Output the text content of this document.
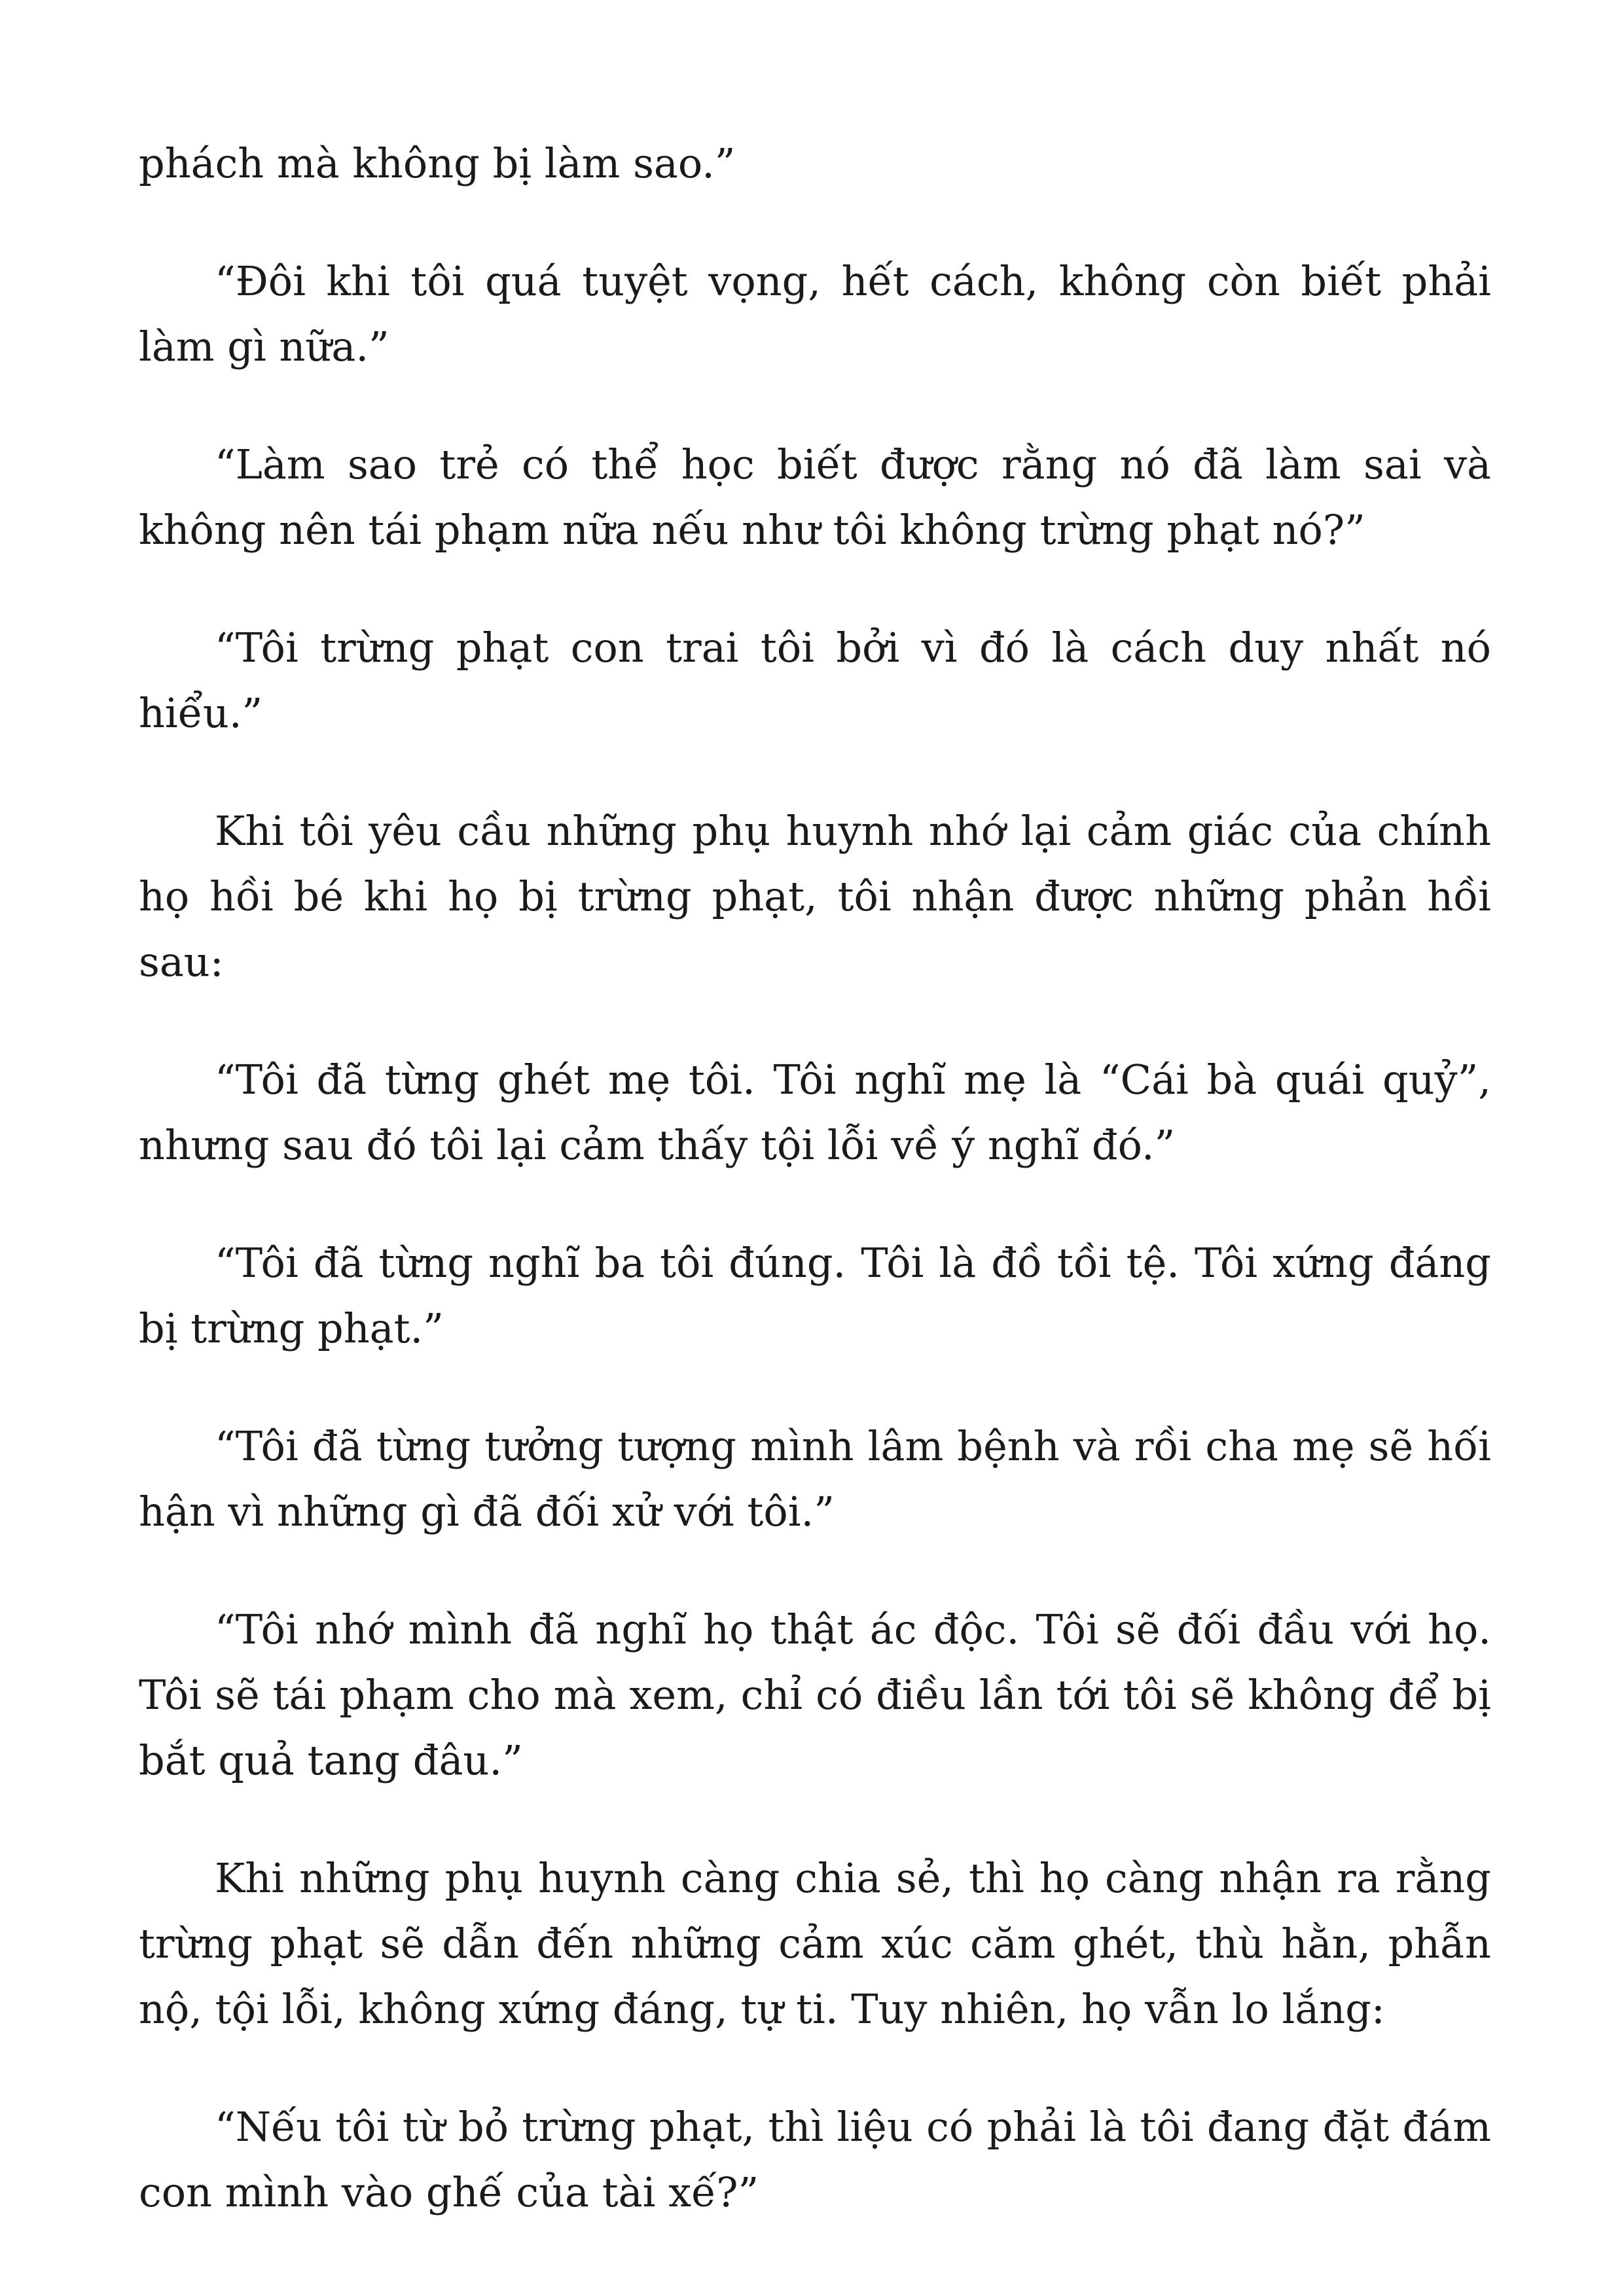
phách mà không bị làm sao.”

“Đôi khi tôi quá tuyệt vọng, hết cách, không còn biết phải làm gì nữa.”

“Làm sao trẻ có thể học biết được rằng nó đã làm sai và không nên tái phạm nữa nếu như tôi không trừng phạt nó?”

“Tôi trừng phạt con trai tôi bởi vì đó là cách duy nhất nó hiểu.”

Khi tôi yêu cầu những phụ huynh nhớ lại cảm giác của chính họ hồi bé khi họ bị trừng phạt, tôi nhận được những phản hồi sau:

“Tôi đã từng ghét mẹ tôi. Tôi nghĩ mẹ là “Cái bà quái quỷ”, nhưng sau đó tôi lại cảm thấy tội lỗi về ý nghĩ đó.”

“Tôi đã từng nghĩ ba tôi đúng. Tôi là đồ tồi tệ. Tôi xứng đáng bị trừng phạt.”

“Tôi đã từng tưởng tượng mình lâm bệnh và rồi cha mẹ sẽ hối hận vì những gì đã đối xử với tôi.”

“Tôi nhớ mình đã nghĩ họ thật ác độc. Tôi sẽ đối đầu với họ. Tôi sẽ tái phạm cho mà xem, chỉ có điều lần tới tôi sẽ không để bị bắt quả tang đâu.”

Khi những phụ huynh càng chia sẻ, thì họ càng nhận ra rằng trừng phạt sẽ dẫn đến những cảm xúc căm ghét, thù hằn, phẫn nộ, tội lỗi, không xứng đáng, tự ti. Tuy nhiên, họ vẫn lo lắng:

“Nếu tôi từ bỏ trừng phạt, thì liệu có phải là tôi đang đặt đám con mình vào ghế của tài xế?”
